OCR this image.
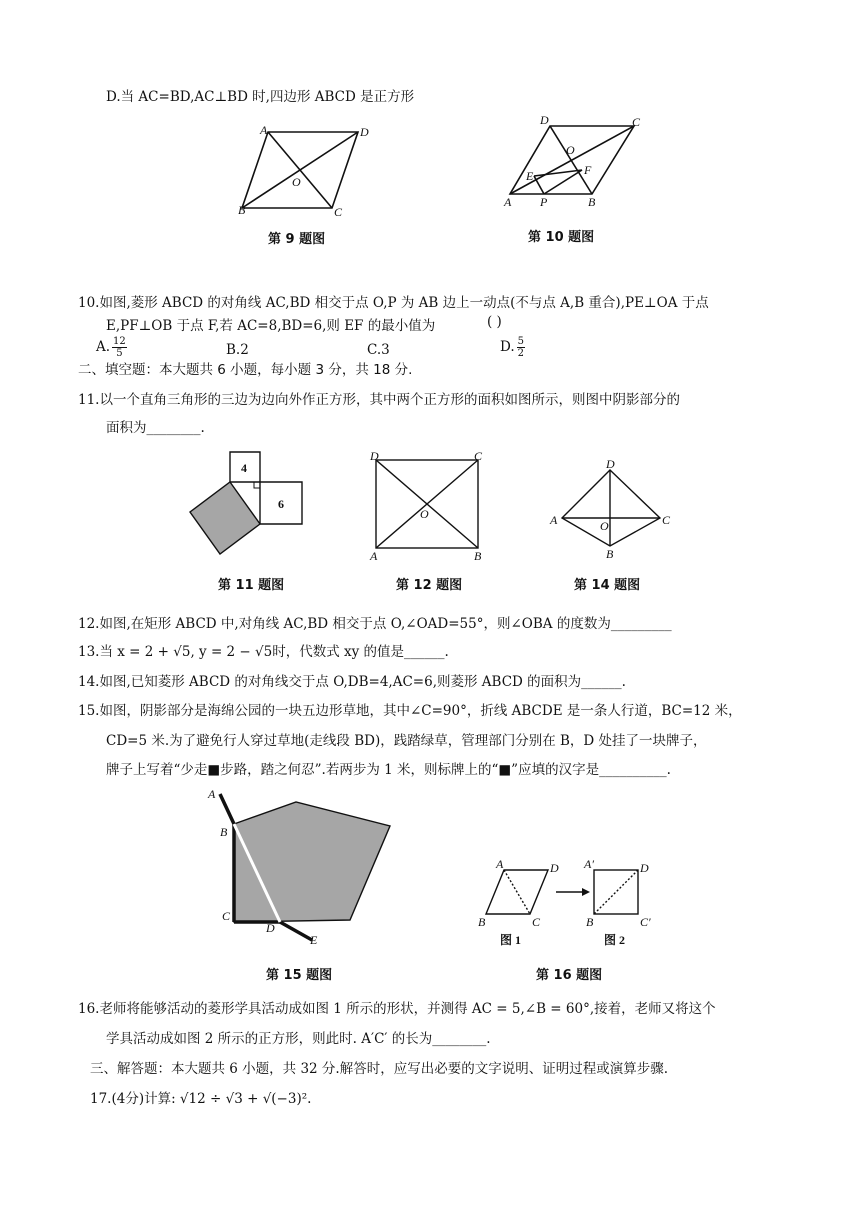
D.当 AC=BD,AC⊥BD 时,四边形 ABCD 是正方形
10.如图,菱形 ABCD 的对角线 AC,BD 相交于点 O,P 为 AB 边上一动点(不与点 A,B 重合),PE⊥OA 于点
E,PF⊥OB 于点 F,若 AC=8,BD=6,则 EF 的最小值为	( )
A. $\frac{12}{5}$	B.2	C.3	D. $\frac{5}{2}$
二、填空题：本大题共 6 小题，每小题 3 分，共 18 分.
11.以一个直角三角形的三边为边向外作正方形，其中两个正方形的面积如图所示，则图中阴影部分的
面积为________.
12.如图,在矩形 ABCD 中,对角线 AC,BD 相交于点 O,∠OAD=55°，则∠OBA 的度数为_________
13.当 x = 2 + √5, y = 2 − √5时，代数式 xy 的值是______.
14.如图,已知菱形 ABCD 的对角线交于点 O,DB=4,AC=6,则菱形 ABCD 的面积为______.
15.如图，阴影部分是海绵公园的一块五边形草地，其中∠C=90°，折线 ABCDE 是一条人行道，BC=12 米，
CD=5 米.为了避免行人穿过草地(走线段 BD)，践踏绿草，管理部门分别在 B，D 处挂了一块牌子，
牌子上写着“少走■步路，踏之何忍”.若两步为 1 米，则标牌上的“■”应填的汉字是__________.
16.老师将能够活动的菱形学具活动成如图 1 所示的形状，并测得 AC = 5,∠B = 60°,接着，老师又将这个
学具活动成如图 2 所示的正方形，则此时. A′C′ 的长为________.
三、解答题：本大题共 6 小题，共 32 分.解答时，应写出必要的文字说明、证明过程或演算步骤.
17.(4分)计算: √12 ÷ √3 + √(−3)².
A	D
B	C
O
第 9 题图
D	C
O
E	F
A P	B
第 10 题图
4
6
第 11 题图
D	C
A	B
O
第 12 题图
D
A	C
B
O
第 14 题图
A
B
C
D
E
第 15 题图
A	D
B	C
A′	D
B	C′
图 1	图 2
第 16 题图
